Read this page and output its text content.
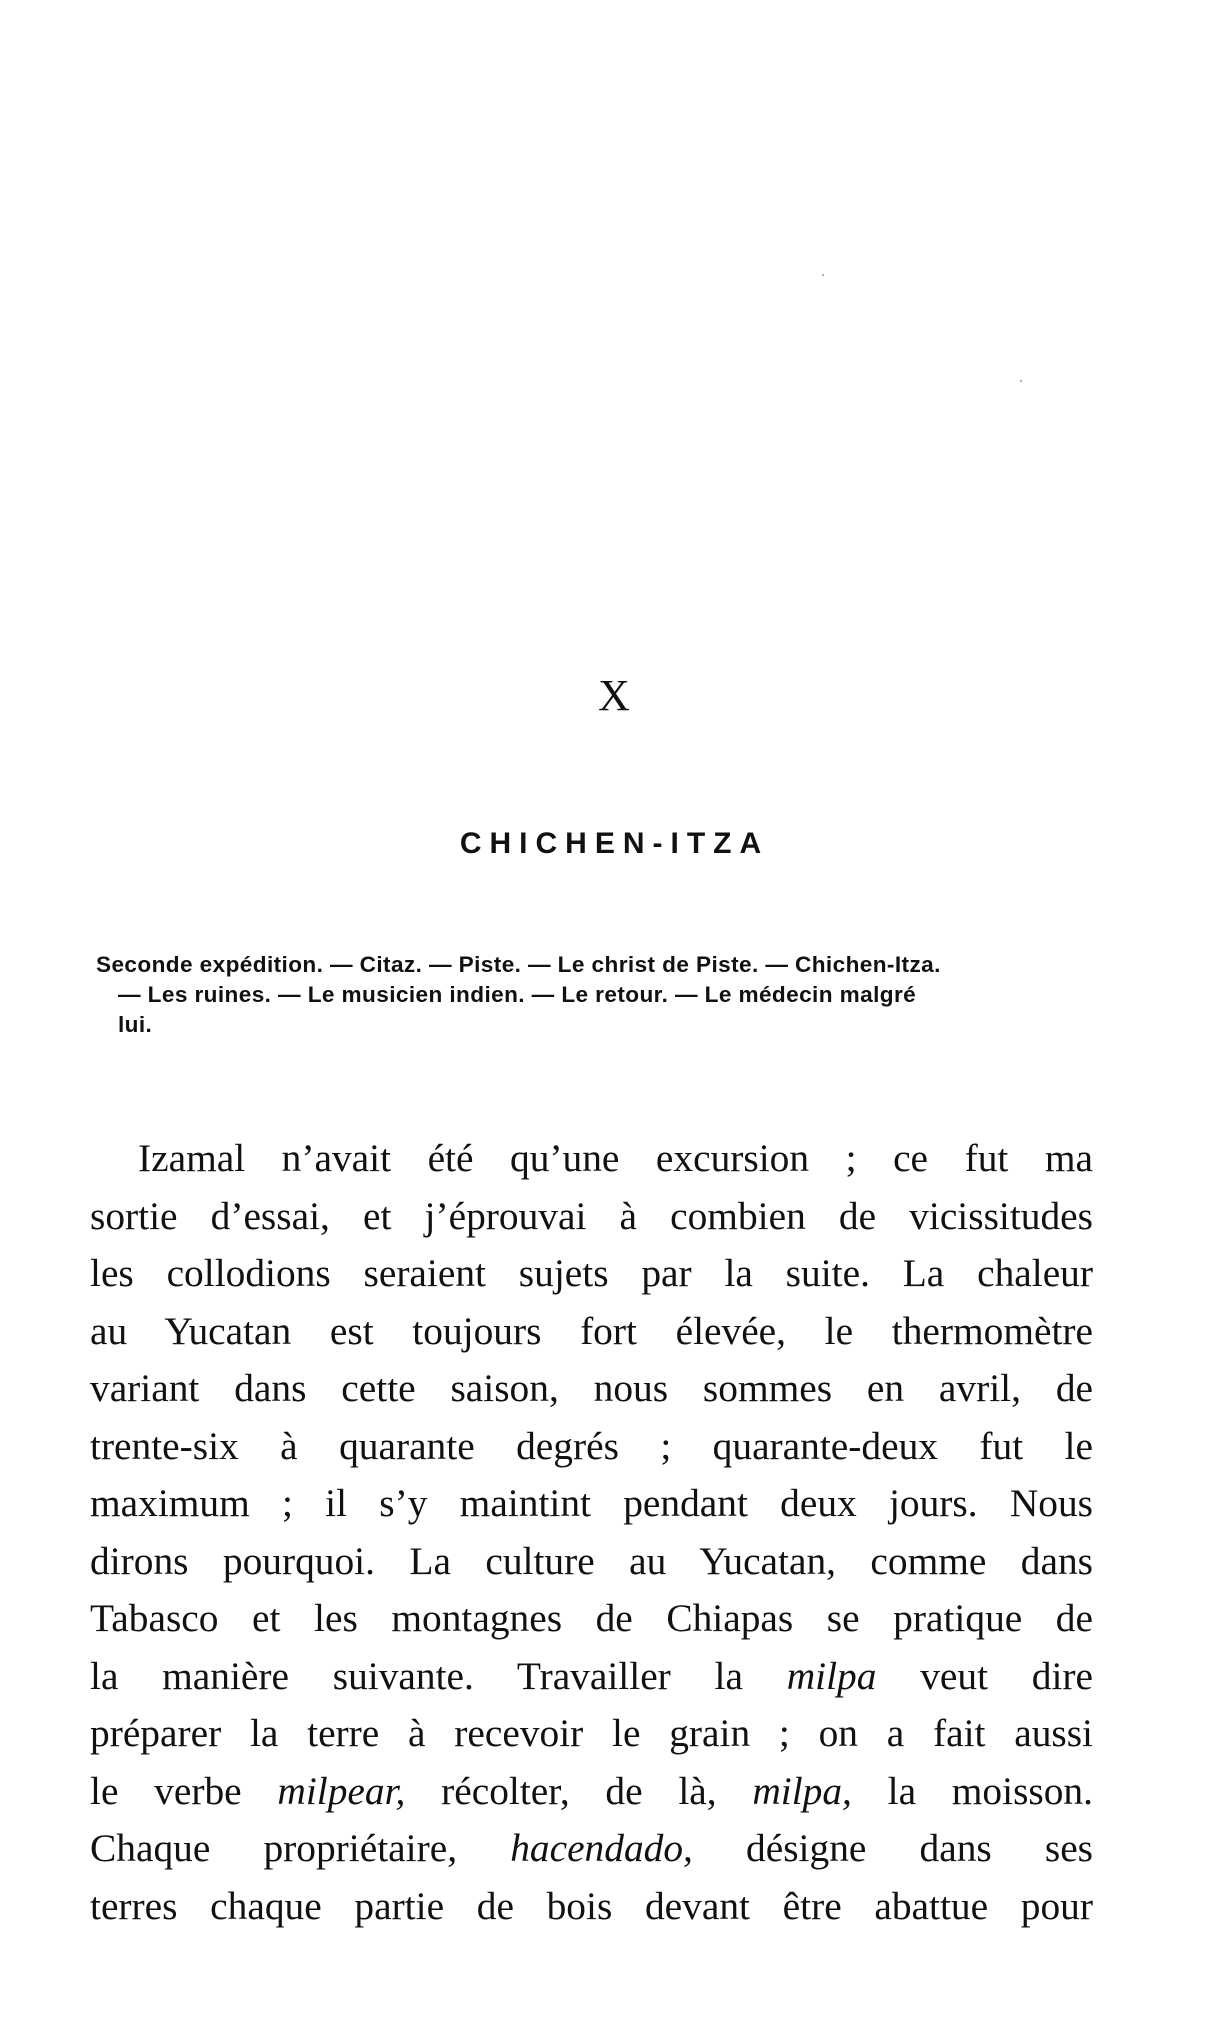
X
CHICHEN-ITZA

Seconde expédition. — Citaz. — Piste. — Le christ de Piste. — Chichen-Itza.
— Les ruines. — Le musicien indien. — Le retour. — Le médecin malgré
lui.

Izamal n’avait été qu’une excursion ; ce fut ma
sortie d’essai, et j’éprouvai à combien de vicissitudes
les collodions seraient sujets par la suite. La chaleur
au Yucatan est toujours fort élevée, le thermomètre
variant dans cette saison, nous sommes en avril, de
trente-six à quarante degrés ; quarante-deux fut le
maximum ; il s’y maintint pendant deux jours. Nous
dirons pourquoi. La culture au Yucatan, comme dans
Tabasco et les montagnes de Chiapas se pratique de
la manière suivante. Travailler la milpa veut dire
préparer la terre à recevoir le grain ; on a fait aussi
le verbe milpear, récolter, de là, milpa, la moisson.
Chaque propriétaire, hacendado, désigne dans ses
terres chaque partie de bois devant être abattue pour
